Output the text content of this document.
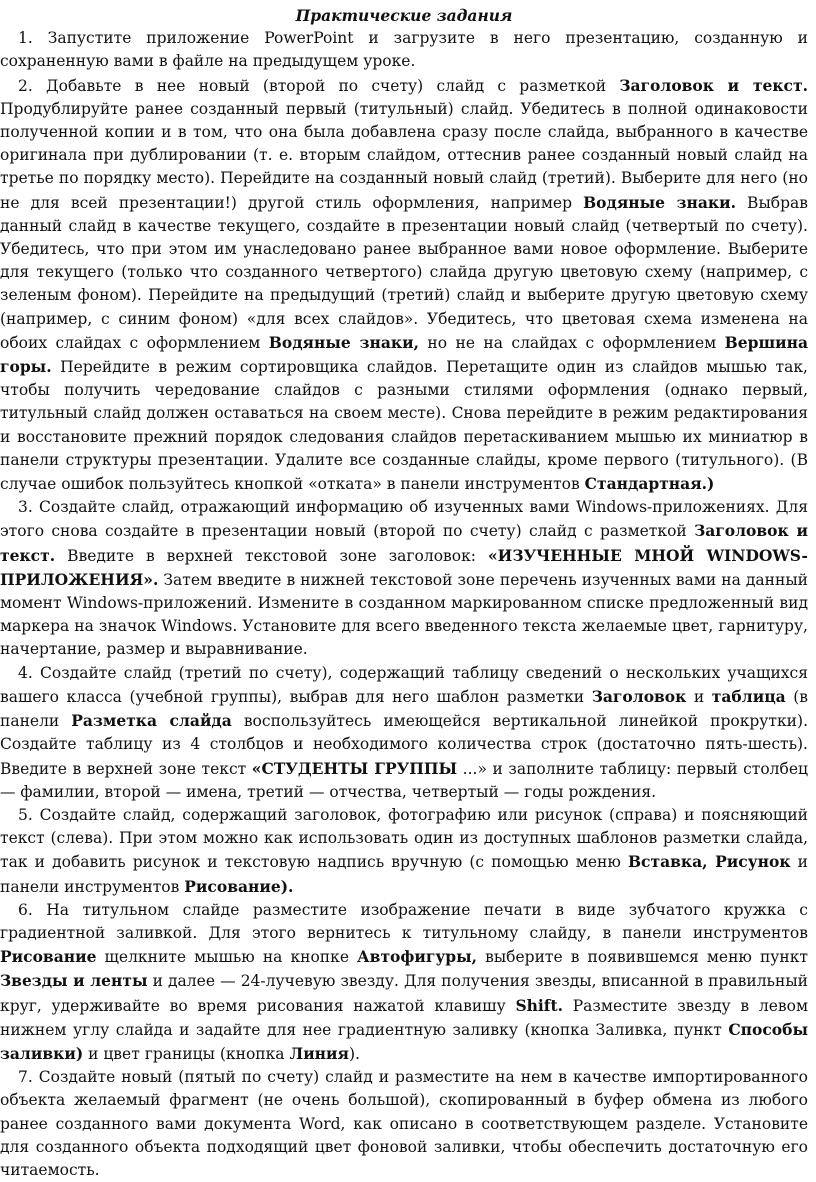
Практические задания

1. Запустите приложение PowerPoint и загрузите в него презентацию, созданную и сохраненную вами в файле на предыдущем уроке.

2. Добавьте в нее новый (второй по счету) слайд с разметкой Заголовок и текст. Продублируйте ранее созданный первый (титульный) слайд. Убедитесь в полной одинаковости полученной копии и в том, что она была добавлена сразу после слайда, выбранного в качестве оригинала при дублировании (т. е. вторым слайдом, оттеснив ранее созданный новый слайд на третье по порядку место). Перейдите на созданный новый слайд (третий). Выберите для него (но не для всей презентации!) другой стиль оформления, например Водяные знаки. Выбрав данный слайд в качестве текущего, создайте в презентации новый слайд (четвертый по счету). Убедитесь, что при этом им унаследовано ранее выбранное вами новое оформление. Выберите для текущего (только что созданного четвертого) слайда другую цветовую схему (например, с зеленым фоном). Перейдите на предыдущий (третий) слайд и выберите другую цветовую схему (например, с синим фоном) «для всех слайдов». Убедитесь, что цветовая схема изменена на обоих слайдах с оформлением Водяные знаки, но не на слайдах с оформлением Вершина горы. Перейдите в режим сортировщика слайдов. Перетащите один из слайдов мышью так, чтобы получить чередование слайдов с разными стилями оформления (однако первый, титульный слайд должен оставаться на своем месте). Снова перейдите в режим редактирования и восстановите прежний порядок следования слайдов перетаскиванием мышью их миниатюр в панели структуры презентации. Удалите все созданные слайды, кроме первого (титульного). (В случае ошибок пользуйтесь кнопкой «отката» в панели инструментов Стандартная.)

3. Создайте слайд, отражающий информацию об изученных вами Windows-приложениях. Для этого снова создайте в презентации новый (второй по счету) слайд с разметкой Заголовок и текст. Введите в верхней текстовой зоне заголовок: «ИЗУЧЕННЫЕ МНОЙ WINDOWS-ПРИЛОЖЕНИЯ». Затем введите в нижней текстовой зоне перечень изученных вами на данный момент Windows-приложений. Измените в созданном маркированном списке предложенный вид маркера на значок Windows. Установите для всего введенного текста желаемые цвет, гарнитуру, начертание, размер и выравнивание.

4. Создайте слайд (третий по счету), содержащий таблицу сведений о нескольких учащихся вашего класса (учебной группы), выбрав для него шаблон разметки Заголовок и таблица (в панели Разметка слайда воспользуйтесь имеющейся вертикальной линейкой прокрутки). Создайте таблицу из 4 столбцов и необходимого количества строк (достаточно пять-шесть). Введите в верхней зоне текст «СТУДЕНТЫ ГРУППЫ ...» и заполните таблицу: первый столбец — фамилии, второй — имена, третий — отчества, четвертый — годы рождения.

5. Создайте слайд, содержащий заголовок, фотографию или рисунок (справа) и поясняющий текст (слева). При этом можно как использовать один из доступных шаблонов разметки слайда, так и добавить рисунок и текстовую надпись вручную (с помощью меню Вставка, Рисунок и панели инструментов Рисование).

6. На титульном слайде разместите изображение печати в виде зубчатого кружка с градиентной заливкой. Для этого вернитесь к титульному слайду, в панели инструментов Рисование щелкните мышью на кнопке Автофигуры, выберите в появившемся меню пункт Звезды и ленты и далее — 24-лучевую звезду. Для получения звезды, вписанной в правильный круг, удерживайте во время рисования нажатой клавишу Shift. Разместите звезду в левом нижнем углу слайда и задайте для нее градиентную заливку (кнопка Заливка, пункт Способы заливки) и цвет границы (кнопка Линия).

7. Создайте новый (пятый по счету) слайд и разместите на нем в качестве импортированного объекта желаемый фрагмент (не очень большой), скопированный в буфер обмена из любого ранее созданного вами документа Word, как описано в соответствующем разделе. Установите для созданного объекта подходящий цвет фоновой заливки, чтобы обеспечить достаточную его читаемость.
